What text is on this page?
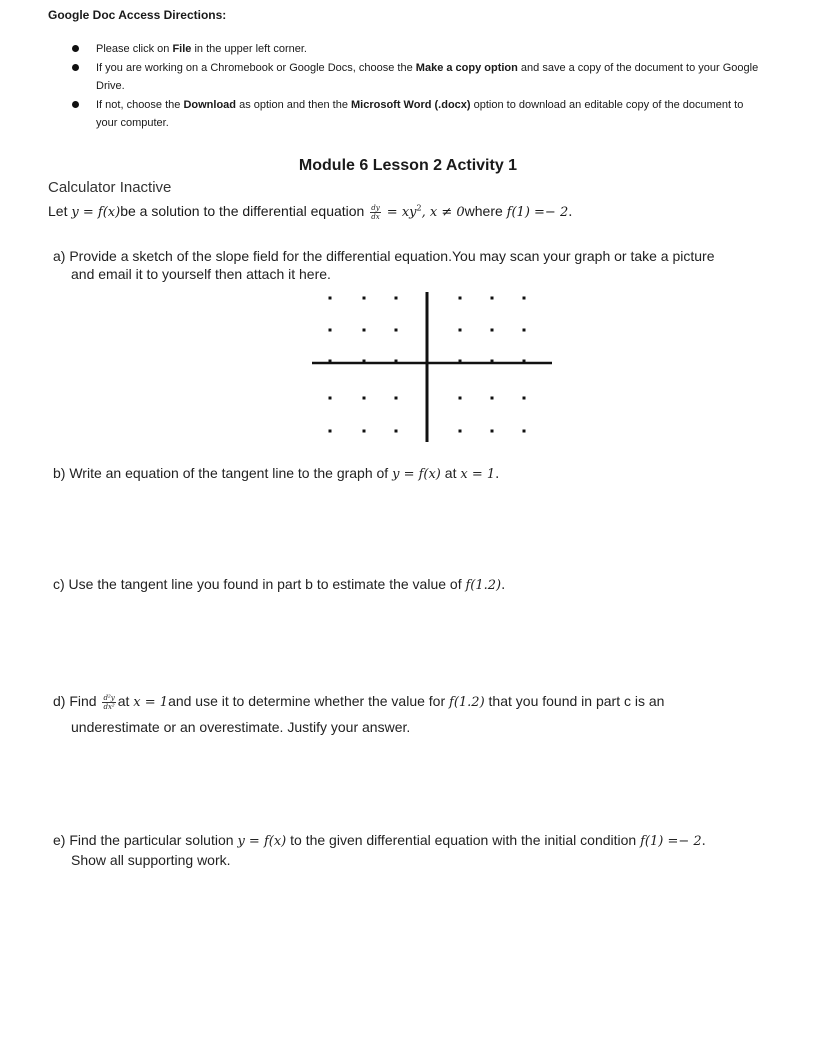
Google Doc Access Directions:
Please click on File in the upper left corner.
If you are working on a Chromebook or Google Docs, choose the Make a copy option and save a copy of the document to your Google Drive.
If not, choose the Download as option and then the Microsoft Word (.docx) option to download an editable copy of the document to your computer.
Module 6 Lesson 2 Activity 1
Calculator Inactive
Let y = f(x)be a solution to the differential equation $\frac{dy}{dx} = xy^2$, x ≠ 0where f(1) =− 2.
a) Provide a sketch of the slope field for the differential equation.You may scan your graph or take a picture
and email it to yourself then attach it here.
b) Write an equation of the tangent line to the graph of y = f(x) at x = 1.
c) Use the tangent line you found in part b to estimate the value of f(1.2).
d) Find $\frac{\text{d²y}}{\text{dx²}}$ at x = 1and use it to determine whether the value for f(1.2) that you found in part c is an
underestimate or an overestimate. Justify your answer.
e) Find the particular solution y = f(x) to the given differential equation with the initial condition f(1) =− 2.
Show all supporting work.
